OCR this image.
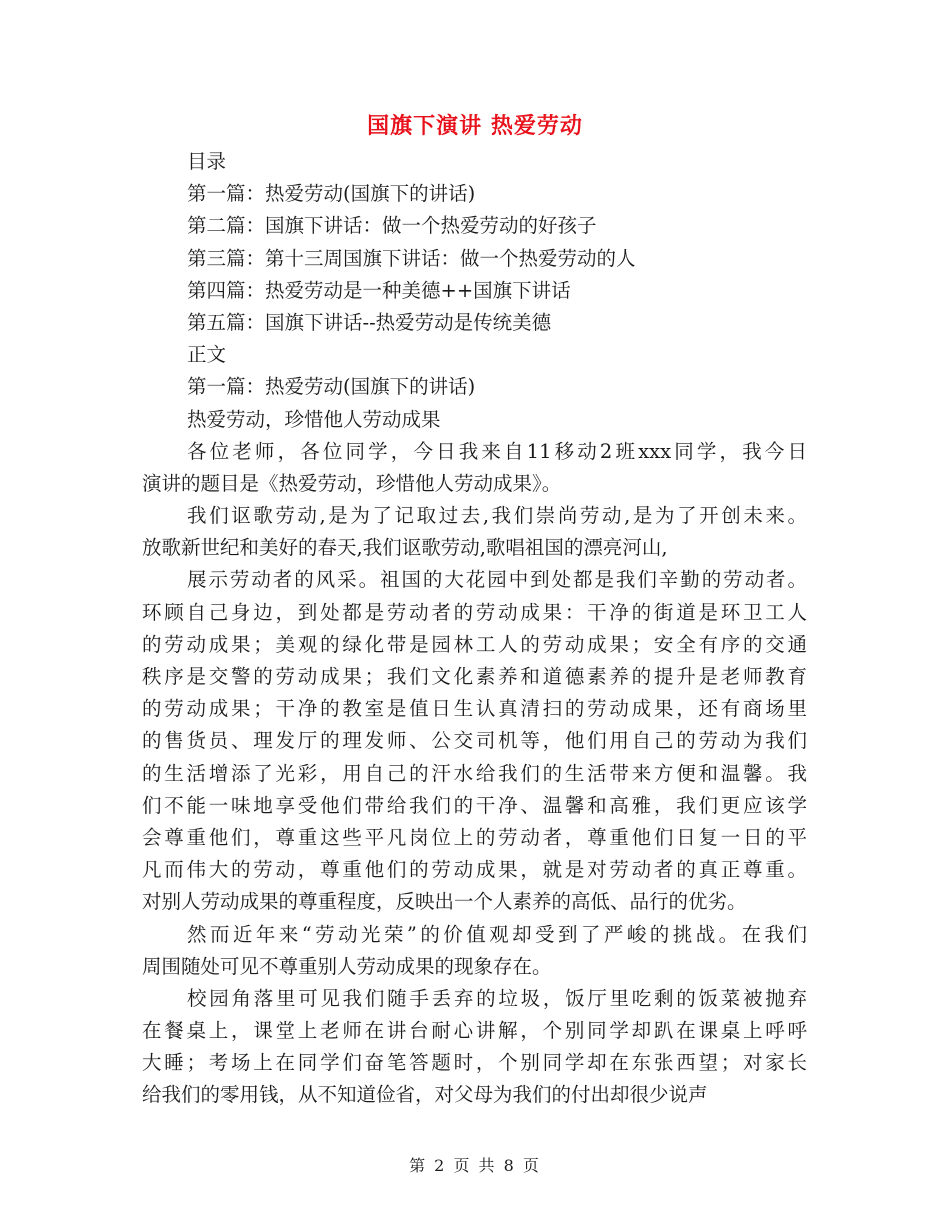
国旗下演讲 热爱劳动
目录
第一篇：热爱劳动(国旗下的讲话)
第二篇：国旗下讲话：做一个热爱劳动的好孩子
第三篇：第十三周国旗下讲话：做一个热爱劳动的人
第四篇：热爱劳动是一种美德++国旗下讲话
第五篇：国旗下讲话--热爱劳动是传统美德
正文
第一篇：热爱劳动(国旗下的讲话)
热爱劳动，珍惜他人劳动成果
各位老师，各位同学，今日我来自11移动2班xxx同学，我今日
演讲的题目是《热爱劳动，珍惜他人劳动成果》。
我们讴歌劳动,是为了记取过去,我们崇尚劳动,是为了开创未来。
放歌新世纪和美好的春天,我们讴歌劳动,歌唱祖国的漂亮河山,
展示劳动者的风采。祖国的大花园中到处都是我们辛勤的劳动者。
环顾自己身边，到处都是劳动者的劳动成果：干净的街道是环卫工人
的劳动成果；美观的绿化带是园林工人的劳动成果；安全有序的交通
秩序是交警的劳动成果；我们文化素养和道德素养的提升是老师教育
的劳动成果；干净的教室是值日生认真清扫的劳动成果，还有商场里
的售货员、理发厅的理发师、公交司机等，他们用自己的劳动为我们
的生活增添了光彩，用自己的汗水给我们的生活带来方便和温馨。我
们不能一味地享受他们带给我们的干净、温馨和高雅，我们更应该学
会尊重他们，尊重这些平凡岗位上的劳动者，尊重他们日复一日的平
凡而伟大的劳动，尊重他们的劳动成果，就是对劳动者的真正尊重。
对别人劳动成果的尊重程度，反映出一个人素养的高低、品行的优劣。
然而近年来“劳动光荣”的价值观却受到了严峻的挑战。在我们
周围随处可见不尊重别人劳动成果的现象存在。
校园角落里可见我们随手丢弃的垃圾，饭厅里吃剩的饭菜被抛弃
在餐桌上，课堂上老师在讲台耐心讲解，个别同学却趴在课桌上呼呼
大睡；考场上在同学们奋笔答题时，个别同学却在东张西望；对家长
给我们的零用钱，从不知道俭省，对父母为我们的付出却很少说声
第 2 页 共 8 页
